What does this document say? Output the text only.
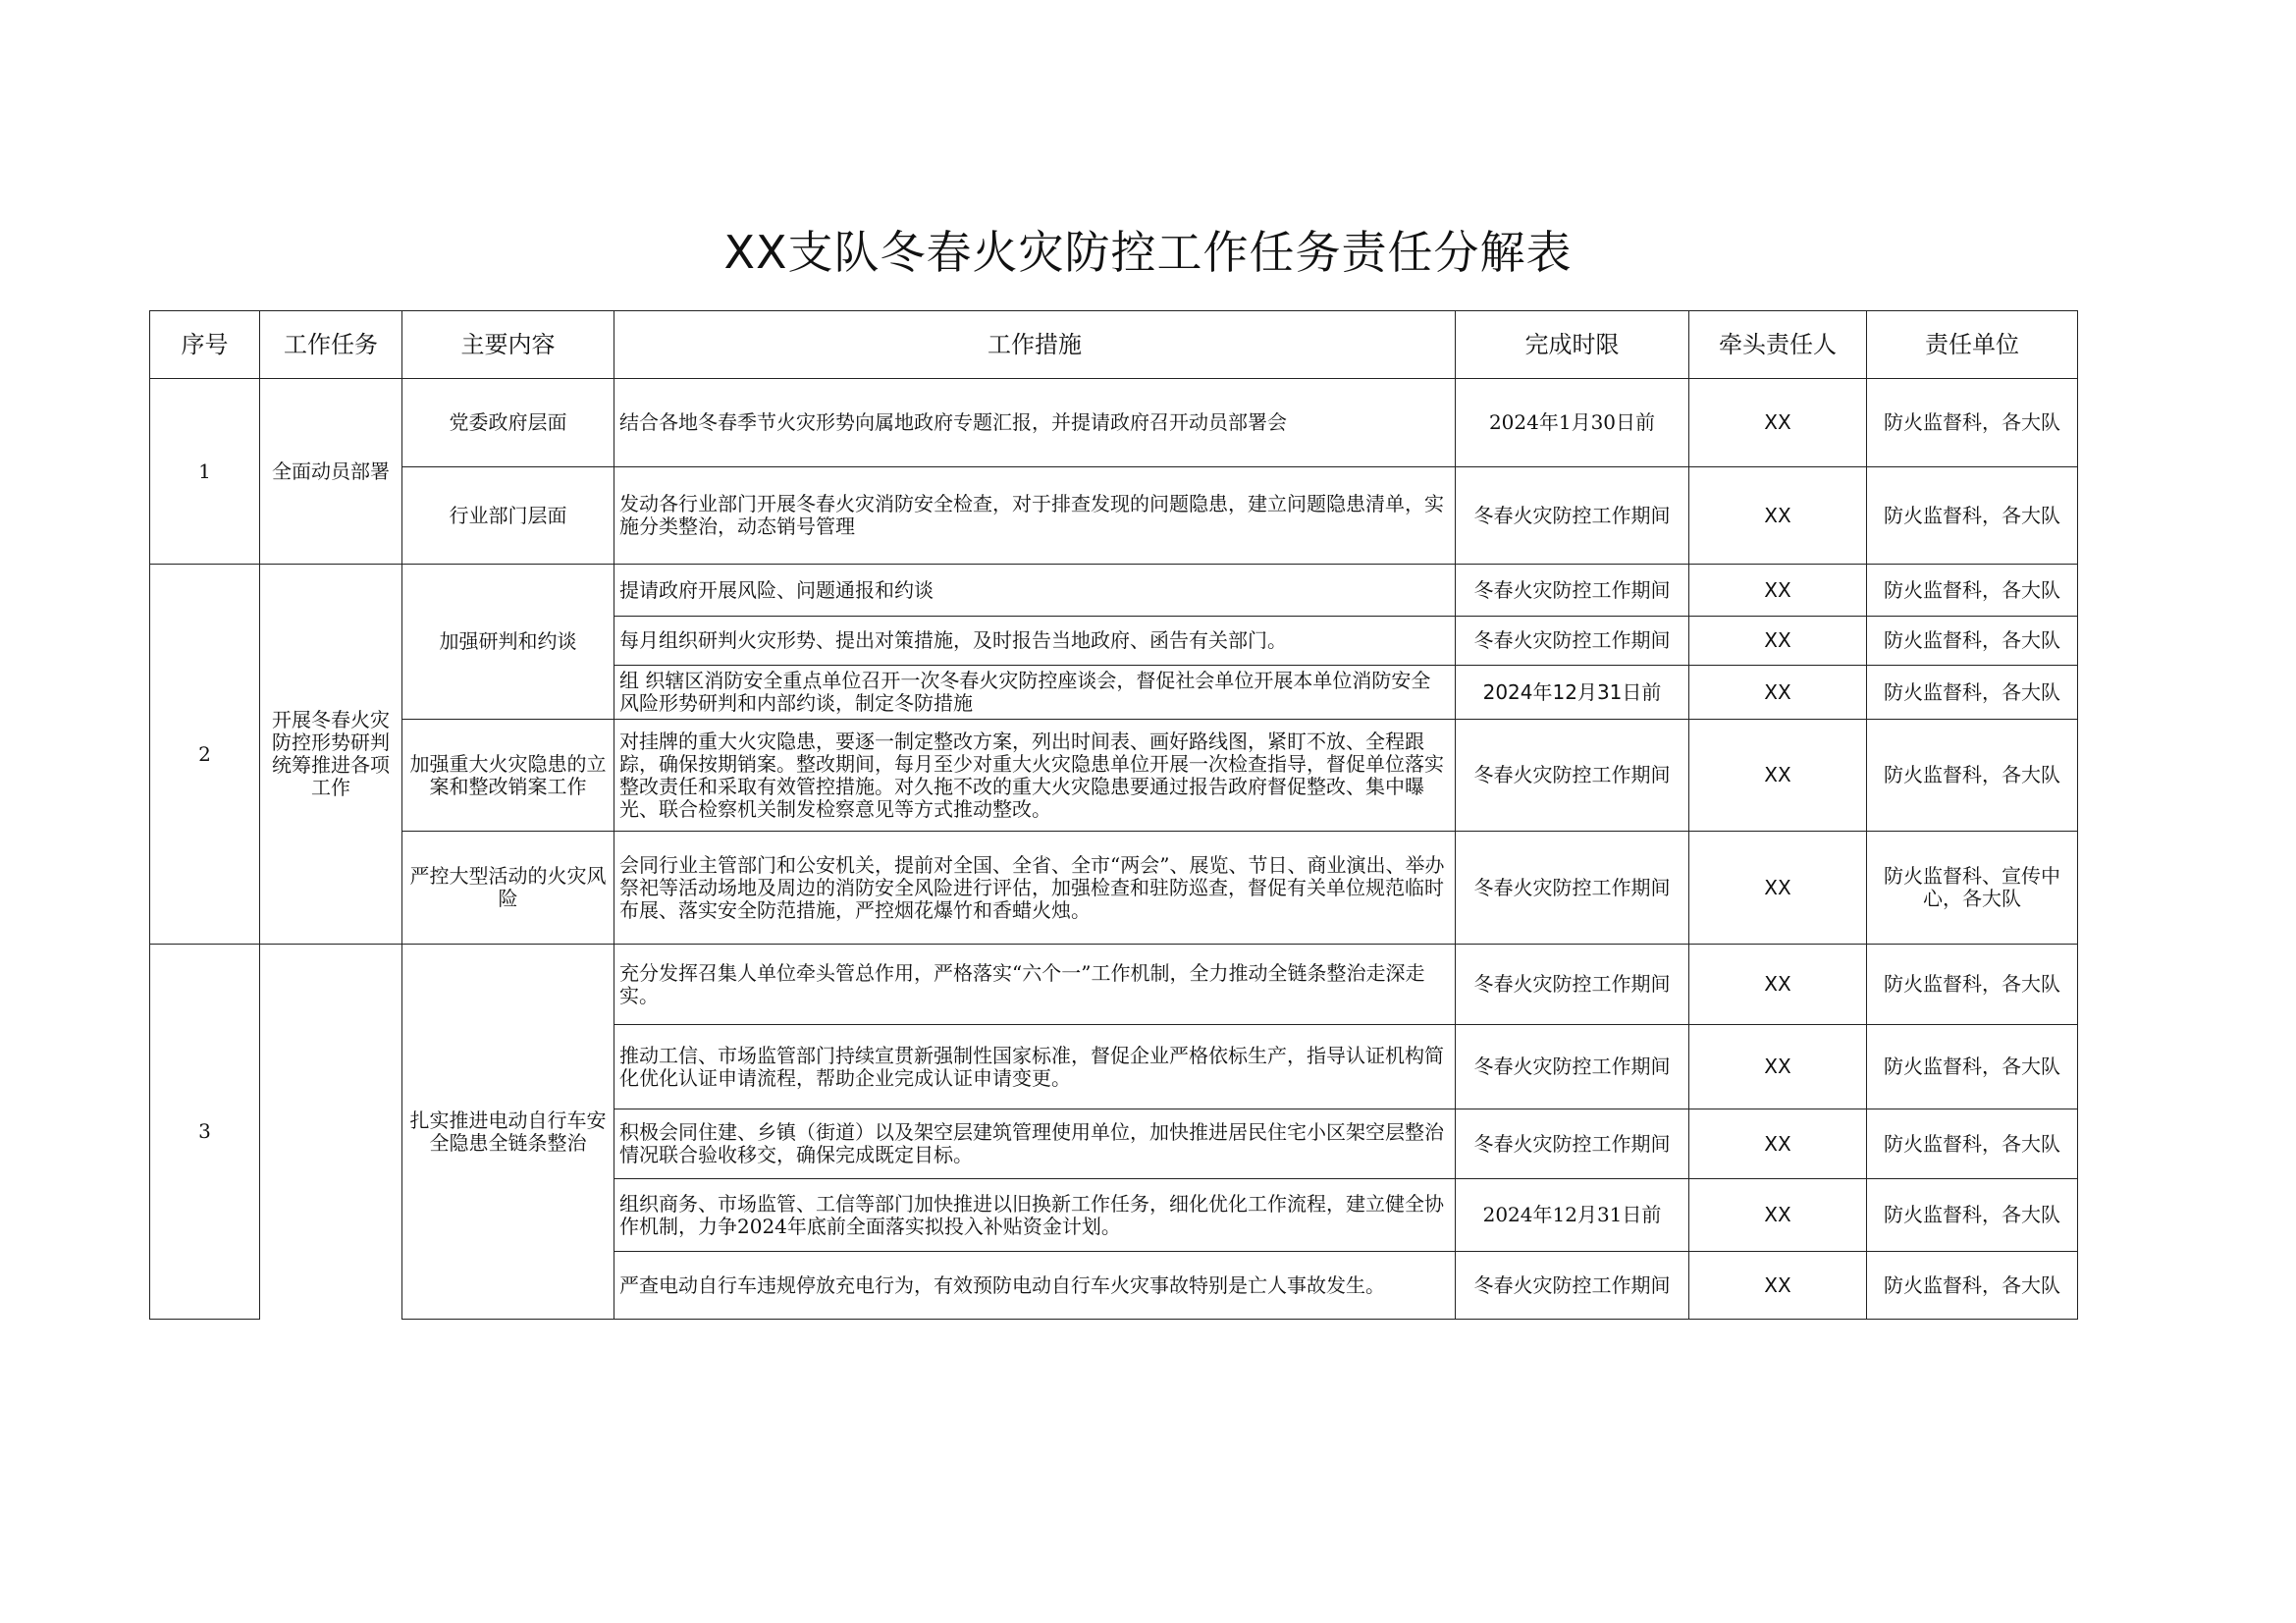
XX支队冬春火灾防控工作任务责任分解表
序号	工作任务	主要内容	工作措施	完成时限	牵头责任人	责任单位
1	全面动员部署	党委政府层面	结合各地冬春季节火灾形势向属地政府专题汇报，并提请政府召开动员部署会	2024年1月30日前	XX	防火监督科，各大队
		行业部门层面	发动各行业部门开展冬春火灾消防安全检查，对于排查发现的问题隐患，建立问题隐患清单，实施分类整治，动态销号管理	冬春火灾防控工作期间	XX	防火监督科，各大队
2	开展冬春火灾防控形势研判统筹推进各项工作	加强研判和约谈	提请政府开展风险、问题通报和约谈	冬春火灾防控工作期间	XX	防火监督科，各大队
			每月组织研判火灾形势、提出对策措施，及时报告当地政府、函告有关部门。	冬春火灾防控工作期间	XX	防火监督科，各大队
			组 织辖区消防安全重点单位召开一次冬春火灾防控座谈会，督促社会单位开展本单位消防安全风险形势研判和内部约谈，制定冬防措施	2024年12月31日前	XX	防火监督科，各大队
		加强重大火灾隐患的立案和整改销案工作	对挂牌的重大火灾隐患，要逐一制定整改方案，列出时间表、画好路线图，紧盯不放、全程跟踪，确保按期销案。整改期间，每月至少对重大火灾隐患单位开展一次检查指导，督促单位落实整改责任和采取有效管控措施。对久拖不改的重大火灾隐患要通过报告政府督促整改、集中曝光、联合检察机关制发检察意见等方式推动整改。	冬春火灾防控工作期间	XX	防火监督科，各大队
		严控大型活动的火灾风险	会同行业主管部门和公安机关，提前对全国、全省、全市“两会”、展览、节日、商业演出、举办祭祀等活动场地及周边的消防安全风险进行评估，加强检查和驻防巡查，督促有关单位规范临时布展、落实安全防范措施，严控烟花爆竹和香蜡火烛。	冬春火灾防控工作期间	XX	防火监督科、宣传中心，各大队
3		扎实推进电动自行车安全隐患全链条整治	充分发挥召集人单位牵头管总作用，严格落实“六个一”工作机制，全力推动全链条整治走深走实。	冬春火灾防控工作期间	XX	防火监督科，各大队
			推动工信、市场监管部门持续宣贯新强制性国家标准，督促企业严格依标生产，指导认证机构简化优化认证申请流程，帮助企业完成认证申请变更。	冬春火灾防控工作期间	XX	防火监督科，各大队
			积极会同住建、乡镇（街道）以及架空层建筑管理使用单位，加快推进居民住宅小区架空层整治情况联合验收移交，确保完成既定目标。	冬春火灾防控工作期间	XX	防火监督科，各大队
			组织商务、市场监管、工信等部门加快推进以旧换新工作任务，细化优化工作流程，建立健全协作机制，力争2024年底前全面落实拟投入补贴资金计划。	2024年12月31日前	XX	防火监督科，各大队
			严查电动自行车违规停放充电行为，有效预防电动自行车火灾事故特别是亡人事故发生。	冬春火灾防控工作期间	XX	防火监督科，各大队
